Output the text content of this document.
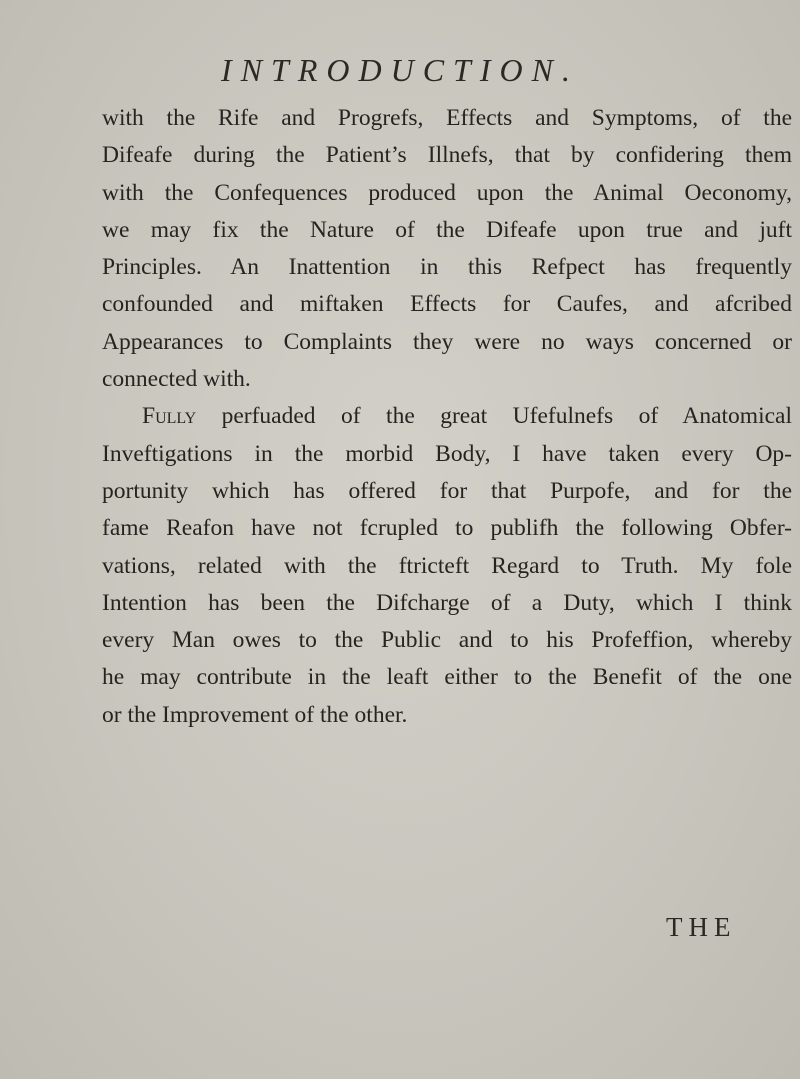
INTRODUCTION.
with the Rife and Progrefs, Effects and Symptoms, of the
Difeafe during the Patient’s Illnefs, that by confidering them
with the Confequences produced upon the Animal Oeconomy,
we may fix the Nature of the Difeafe upon true and juft
Principles. An Inattention in this Refpect has frequently
confounded and miftaken Effects for Caufes, and afcribed
Appearances to Complaints they were no ways concerned or
connected with.
Fully perfuaded of the great Ufefulnefs of Anatomical
Inveftigations in the morbid Body, I have taken every Op-
portunity which has offered for that Purpofe, and for the
fame Reafon have not fcrupled to publifh the following Obfer-
vations, related with the ftricteft Regard to Truth. My fole
Intention has been the Difcharge of a Duty, which I think
every Man owes to the Public and to his Profeffion, whereby
he may contribute in the leaft either to the Benefit of the one
or the Improvement of the other.
THE
